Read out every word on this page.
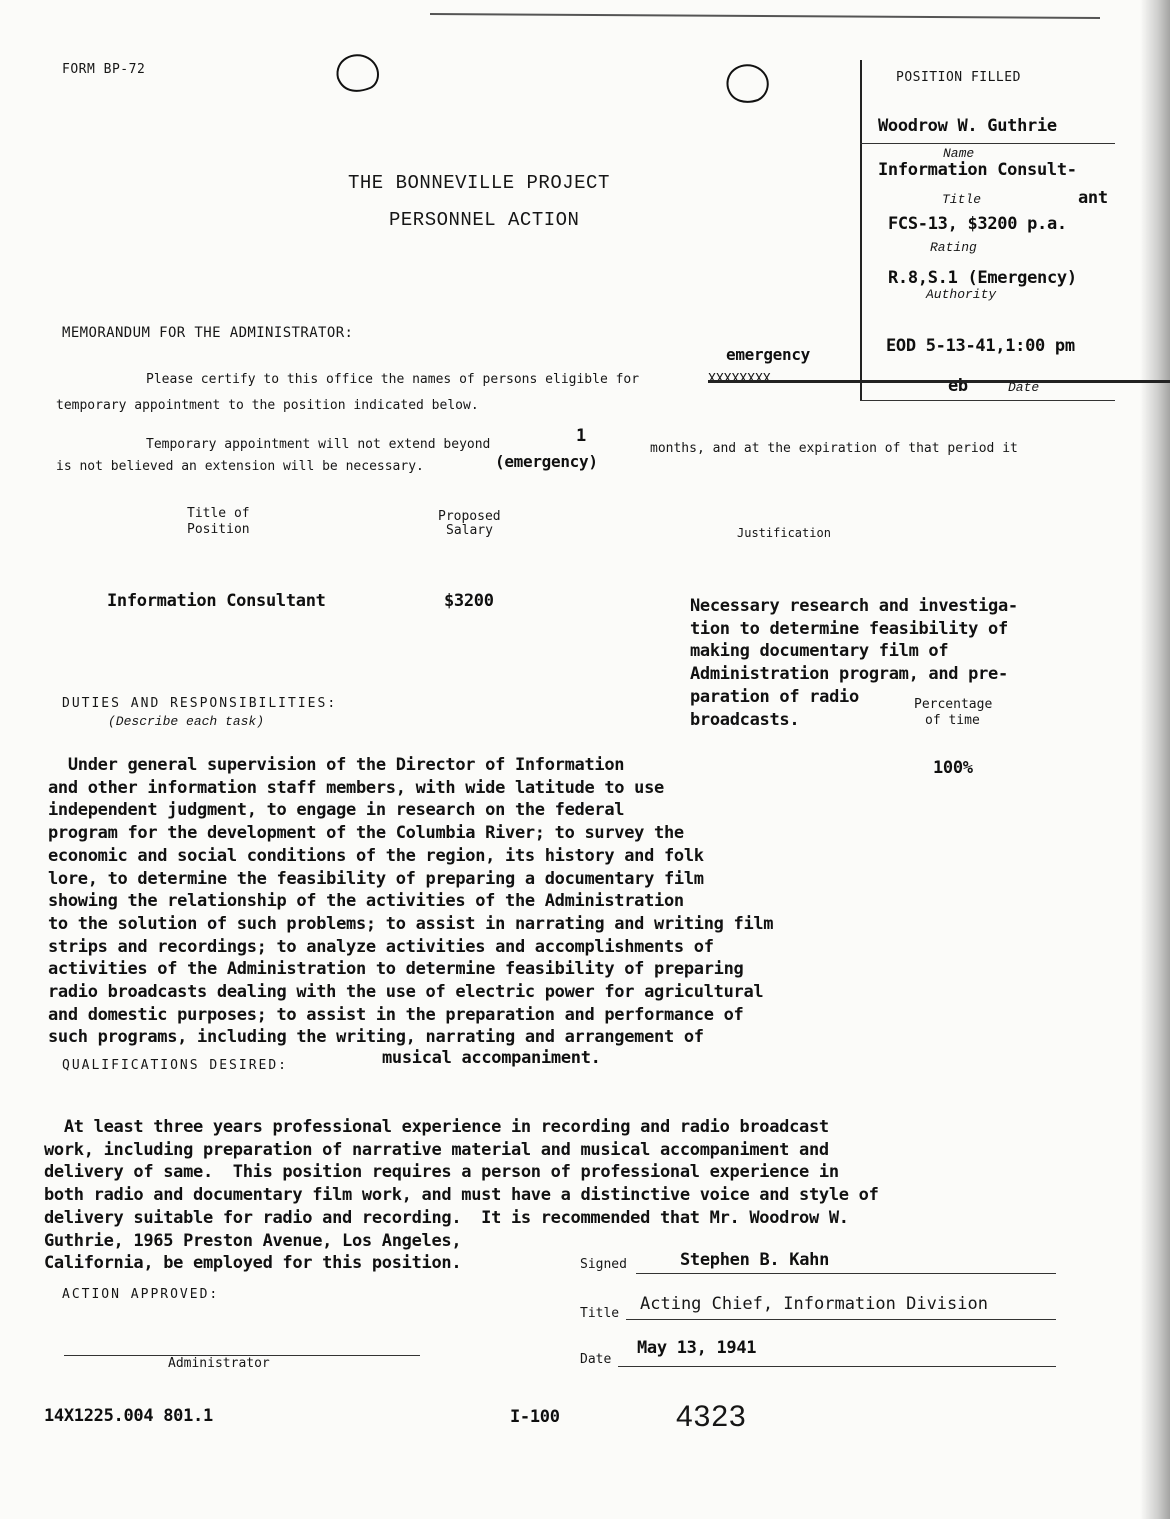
FORM BP-72
THE BONNEVILLE PROJECT
PERSONNEL ACTION
POSITION FILLED
Woodrow W. Guthrie
Name
Information Consult-
Title	ant
FCS-13, $3200 p.a.
Rating
R.8,S.1 (Emergency)
Authority
EOD 5-13-41,1:00 pm
eb	Date
MEMORANDUM FOR THE ADMINISTRATOR:
emergency
Please certify to this office the names of persons eligible for	XXXXXXXX
temporary appointment to the position indicated below.
Temporary appointment will not extend beyond	1
months, and at the expiration of that period it
is not believed an extension will be necessary.	(emergency)
Title of
Position
Proposed
Salary	Justification
Information Consultant	$3200	Necessary research and investiga-
tion to determine feasibility of
making documentary film of
Administration program, and pre-
paration of radio
broadcasts.
DUTIES AND RESPONSIBILITIES:
(Describe each task)
Percentage
of time
100%
Under general supervision of the Director of Information
and other information staff members, with wide latitude to use
independent judgment, to engage in research on the federal
program for the development of the Columbia River; to survey the
economic and social conditions of the region, its history and folk
lore, to determine the feasibility of preparing a documentary film
showing the relationship of the activities of the Administration
to the solution of such problems; to assist in narrating and writing film
strips and recordings; to analyze activities and accomplishments of
activities of the Administration to determine feasibility of preparing
radio broadcasts dealing with the use of electric power for agricultural
and domestic purposes; to assist in the preparation and performance of
such programs, including the writing, narrating and arrangement of
musical accompaniment.
QUALIFICATIONS DESIRED:
At least three years professional experience in recording and radio broadcast
work, including preparation of narrative material and musical accompaniment and
delivery of same.  This position requires a person of professional experience in
both radio and documentary film work, and must have a distinctive voice and style of
delivery suitable for radio and recording.  It is recommended that Mr. Woodrow W.
Guthrie, 1965 Preston Avenue, Los Angeles,
California, be employed for this position.	Signed	Stephen B. Kahn
Title Acting Chief, Information Division
Date
May 13, 1941
ACTION APPROVED:
Administrator
14X1225.004 801.1	I-100	4323
